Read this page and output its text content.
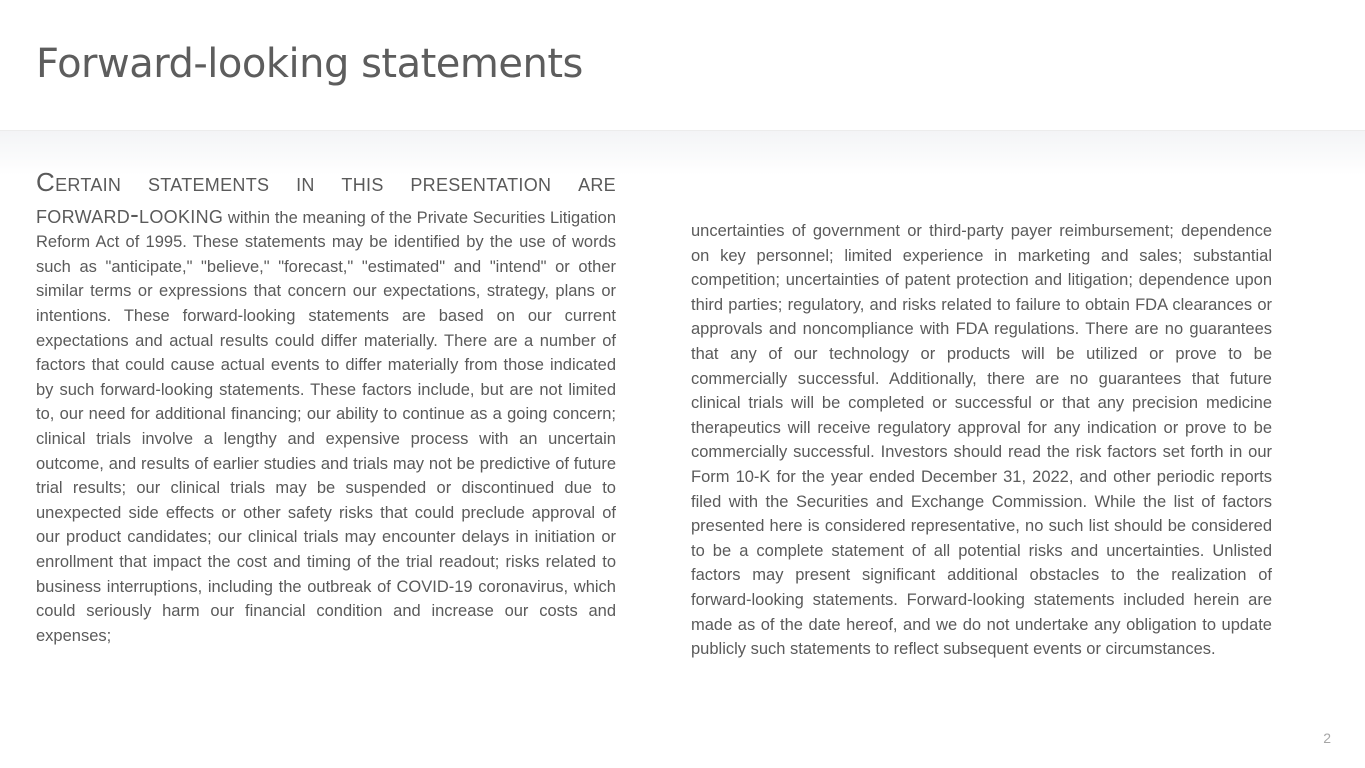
Forward-looking statements

Certain statements in this presentation are forward-looking within the meaning of the Private Securities Litigation Reform Act of 1995. These statements may be identified by the use of words such as "anticipate," "believe," "forecast," "estimated" and "intend" or other similar terms or expressions that concern our expectations, strategy, plans or intentions. These forward-looking statements are based on our current expectations and actual results could differ materially. There are a number of factors that could cause actual events to differ materially from those indicated by such forward-looking statements. These factors include, but are not limited to, our need for additional financing; our ability to continue as a going concern; clinical trials involve a lengthy and expensive process with an uncertain outcome, and results of earlier studies and trials may not be predictive of future trial results; our clinical trials may be suspended or discontinued due to unexpected side effects or other safety risks that could preclude approval of our product candidates; our clinical trials may encounter delays in initiation or enrollment that impact the cost and timing of the trial readout; risks related to business interruptions, including the outbreak of COVID-19 coronavirus, which could seriously harm our financial condition and increase our costs and expenses;

uncertainties of government or third-party payer reimbursement; dependence on key personnel; limited experience in marketing and sales; substantial competition; uncertainties of patent protection and litigation; dependence upon third parties; regulatory, and risks related to failure to obtain FDA clearances or approvals and noncompliance with FDA regulations. There are no guarantees that any of our technology or products will be utilized or prove to be commercially successful. Additionally, there are no guarantees that future clinical trials will be completed or successful or that any precision medicine therapeutics will receive regulatory approval for any indication or prove to be commercially successful. Investors should read the risk factors set forth in our Form 10-K for the year ended December 31, 2022, and other periodic reports filed with the Securities and Exchange Commission. While the list of factors presented here is considered representative, no such list should be considered to be a complete statement of all potential risks and uncertainties. Unlisted factors may present significant additional obstacles to the realization of forward-looking statements. Forward-looking statements included herein are made as of the date hereof, and we do not undertake any obligation to update publicly such statements to reflect subsequent events or circumstances.

2
